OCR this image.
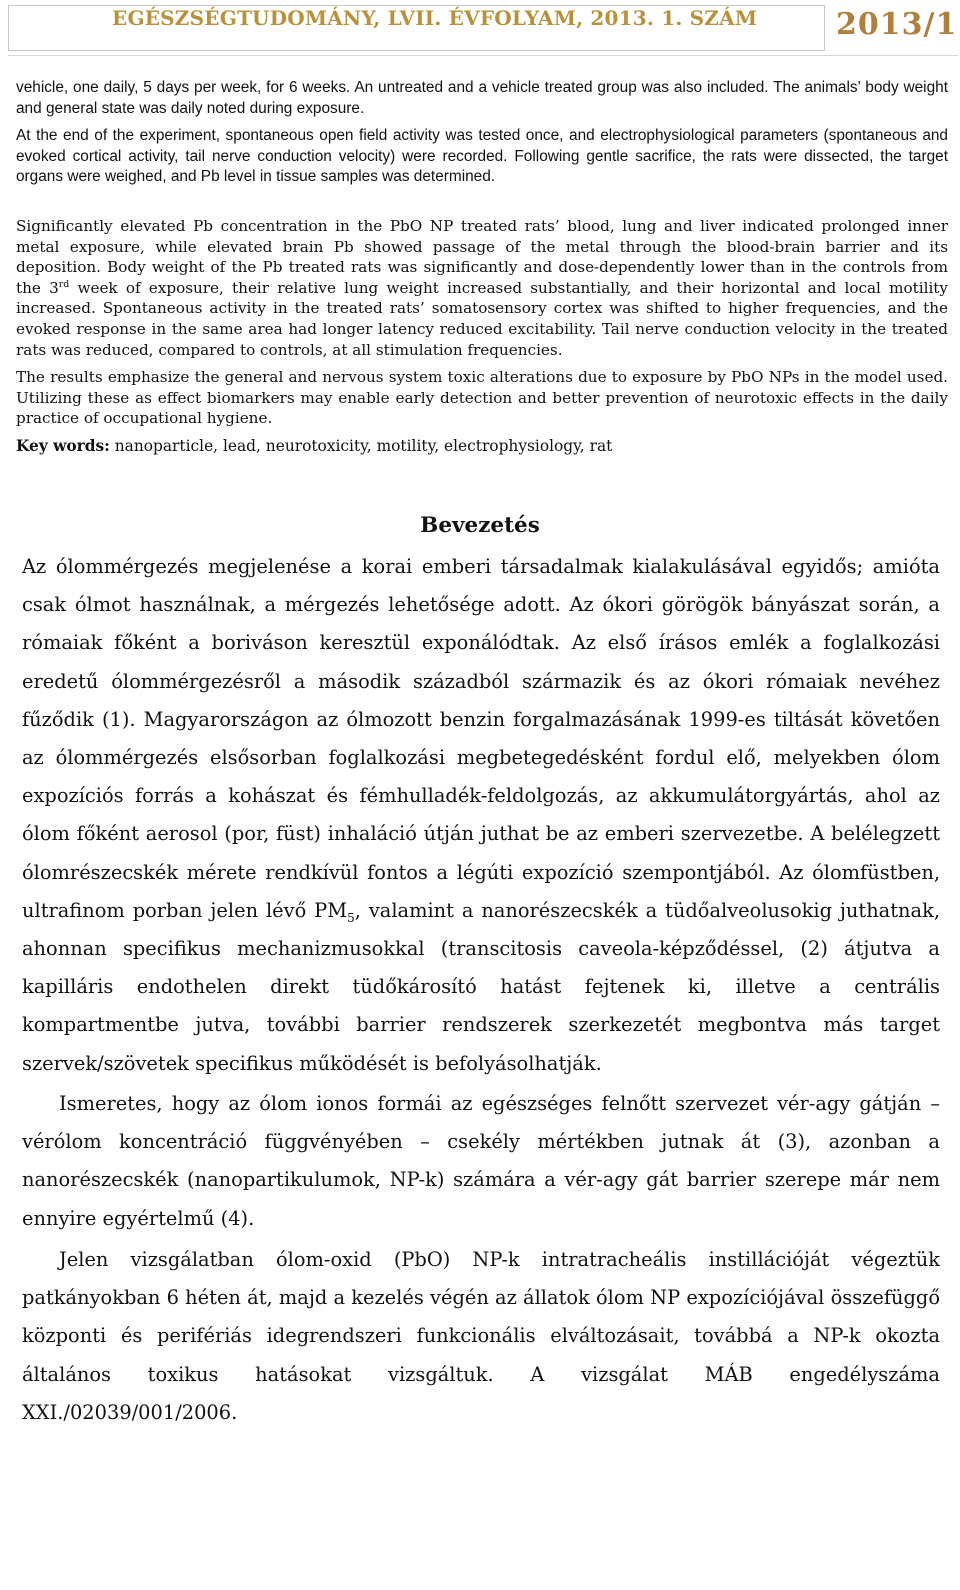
EGÉSZSÉGTUDOMÁNY, LVII. ÉVFOLYAM, 2013. 1. SZÁM	2013/1

vehicle, one daily, 5 days per week, for 6 weeks. An untreated and a vehicle treated group was also included. The animals’ body weight and general state was daily noted during exposure.

At the end of the experiment, spontaneous open field activity was tested once, and electrophysiological parameters (spontaneous and evoked cortical activity, tail nerve conduction velocity) were recorded. Following gentle sacrifice, the rats were dissected, the target organs were weighed, and Pb level in tissue samples was determined.

Significantly elevated Pb concentration in the PbO NP treated rats’ blood, lung and liver indicated prolonged inner metal exposure, while elevated brain Pb showed passage of the metal through the blood-brain barrier and its deposition. Body weight of the Pb treated rats was significantly and dose-dependently lower than in the controls from the 3rd week of exposure, their relative lung weight increased substantially, and their horizontal and local motility increased. Spontaneous activity in the treated rats’ somatosensory cortex was shifted to higher frequencies, and the evoked response in the same area had longer latency reduced excitability. Tail nerve conduction velocity in the treated rats was reduced, compared to controls, at all stimulation frequencies.

The results emphasize the general and nervous system toxic alterations due to exposure by PbO NPs in the model used. Utilizing these as effect biomarkers may enable early detection and better prevention of neurotoxic effects in the daily practice of occupational hygiene.

Key words: nanoparticle, lead, neurotoxicity, motility, electrophysiology, rat

Bevezetés

Az ólommérgezés megjelenése a korai emberi társadalmak kialakulásával egyidős; amióta csak ólmot használnak, a mérgezés lehetősége adott. Az ókori görögök bányászat során, a rómaiak főként a boriváson keresztül exponálódtak. Az első írásos emlék a foglalkozási eredetű ólommérgezésről a második századból származik és az ókori rómaiak nevéhez fűződik (1). Magyarországon az ólmozott benzin forgalmazásának 1999-es tiltását követően az ólommérgezés elsősorban foglalkozási megbetegedésként fordul elő, melyekben ólom expozíciós forrás a kohászat és fémhulladék-feldolgozás, az akkumulátorgyártás, ahol az ólom főként aerosol (por, füst) inhaláció útján juthat be az emberi szervezetbe. A belélegzett ólomrészecskék mérete rendkívül fontos a légúti expozíció szempontjából. Az ólomfüstben, ultrafinom porban jelen lévő $PM_5$, valamint a nanorészecskék a tüdőalveolusokig juthatnak, ahonnan specifikus mechanizmusokkal (transcitosis caveola-képződéssel, (2) átjutva a kapilláris endothelen direkt tüdőkárosító hatást fejtenek ki, illetve a centrális kompartmentbe jutva, további barrier rendszerek szerkezetét megbontva más target szervek/szövetek specifikus működését is befolyásolhatják.

Ismeretes, hogy az ólom ionos formái az egészséges felnőtt szervezet vér-agy gátján – vérólom koncentráció függvényében – csekély mértékben jutnak át (3), azonban a nanorészecskék (nanopartikulumok, NP-k) számára a vér-agy gát barrier szerepe már nem ennyire egyértelmű (4).

Jelen vizsgálatban ólom-oxid (PbO) NP-k intratracheális instillációját végeztük patkányokban 6 héten át, majd a kezelés végén az állatok ólom NP expozíciójával összefüggő központi és perifériás idegrendszeri funkcionális elváltozásait, továbbá a NP-k okozta általános toxikus hatásokat vizsgáltuk. A vizsgálat MÁB engedélyszáma XXI./02039/001/2006.
